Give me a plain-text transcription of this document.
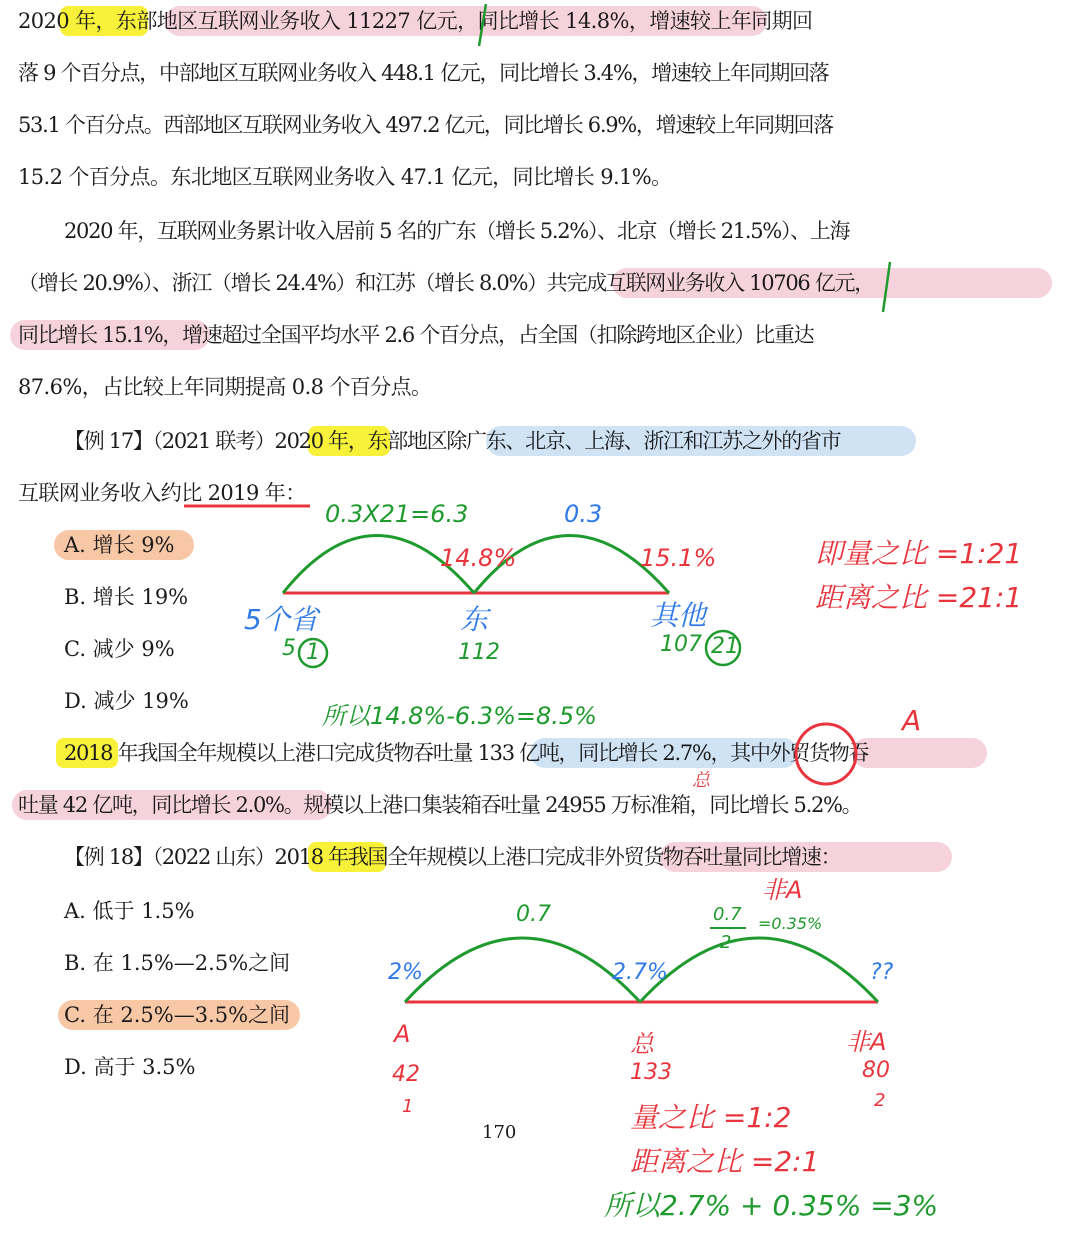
2020 年，东部地区互联网业务收入 11227 亿元，同比增长 14.8%，增速较上年同期回
落 9 个百分点，中部地区互联网业务收入 448.1 亿元，同比增长 3.4%，增速较上年同期回落
53.1 个百分点。西部地区互联网业务收入 497.2 亿元，同比增长 6.9%，增速较上年同期回落
15.2 个百分点。东北地区互联网业务收入 47.1 亿元，同比增长 9.1%。
2020 年，互联网业务累计收入居前 5 名的广东（增长 5.2%）、北京（增长 21.5%）、上海
（增长 20.9%）、浙江（增长 24.4%）和江苏（增长 8.0%）共完成互联网业务收入 10706 亿元，
同比增长 15.1%，增速超过全国平均水平 2.6 个百分点，占全国（扣除跨地区企业）比重达
87.6%，占比较上年同期提高 0.8 个百分点。
【例 17】（2021 联考）2020 年，东部地区除广东、北京、上海、浙江和江苏之外的省市
互联网业务收入约比 2019 年：
A. 增长 9%
B. 增长 19%
C. 减少 9%
D. 减少 19%
2018 年我国全年规模以上港口完成货物吞吐量 133 亿吨，同比增长 2.7%，其中外贸货物吞
吐量 42 亿吨，同比增长 2.0%。规模以上港口集装箱吞吐量 24955 万标准箱，同比增长 5.2%。
【例 18】（2022 山东）2018 年我国全年规模以上港口完成非外贸货物吞吐量同比增速：
A. 低于 1.5%
B. 在 1.5%—2.5%之间
C. 在 2.5%—3.5%之间
D. 高于 3.5%
170
0.3X21=6.3	0.3
14.8%	15.1%
5个省	东	其他
5 1	112	107 21
即量之比 =1:21
距离之比 =21:1
所以14.8%-6.3%=8.5%	A
总
非A
0.7	0.7 =0.35%
2
2%	2.7%	??
A	总	非A
42	133	80
1	2
量之比 =1:2
距离之比 =2:1
所以2.7% + 0.35% =3%
